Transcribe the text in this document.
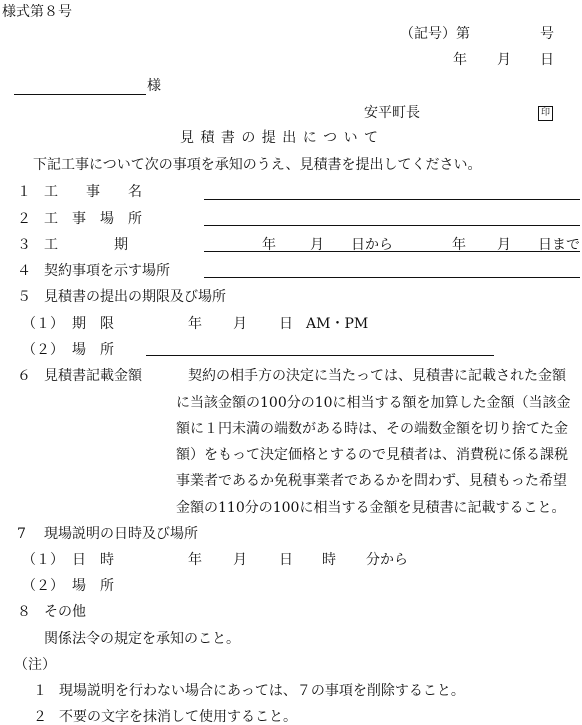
様式第８号
（記号）第	号
年 月 日
様
安平町長	印
見 積 書 の 提 出 に つ い て
下記工事について次の事項を承知のうえ、見積書を提出してください。
１ 工　　事　　名
２ 工　事　場　所
３ 工　　　　期	年 月 日から	年 月 日まで
４ 契約事項を示す場所
５ 見積書の提出の期限及び場所
（１） 期　限	年 月 日 AM・PM
（２） 場　所
６ 見積書記載金額	契約の相手方の決定に当たっては、見積書に記載された金額
に当該金額の100分の10に相当する額を加算した金額（当該金
額に１円未満の端数がある時は、その端数金額を切り捨てた金
額）をもって決定価格とするので見積者は、消費税に係る課税
事業者であるか免税事業者であるかを問わず、見積もった希望
金額の110分の100に相当する金額を見積書に記載すること。
7 現場説明の日時及び場所
（１） 日　時	年 月 日 時 分から
（２） 場　所
８ その他
関係法令の規定を承知のこと。
（注）
１ 現場説明を行わない場合にあっては、７の事項を削除すること。
２ 不要の文字を抹消して使用すること。
